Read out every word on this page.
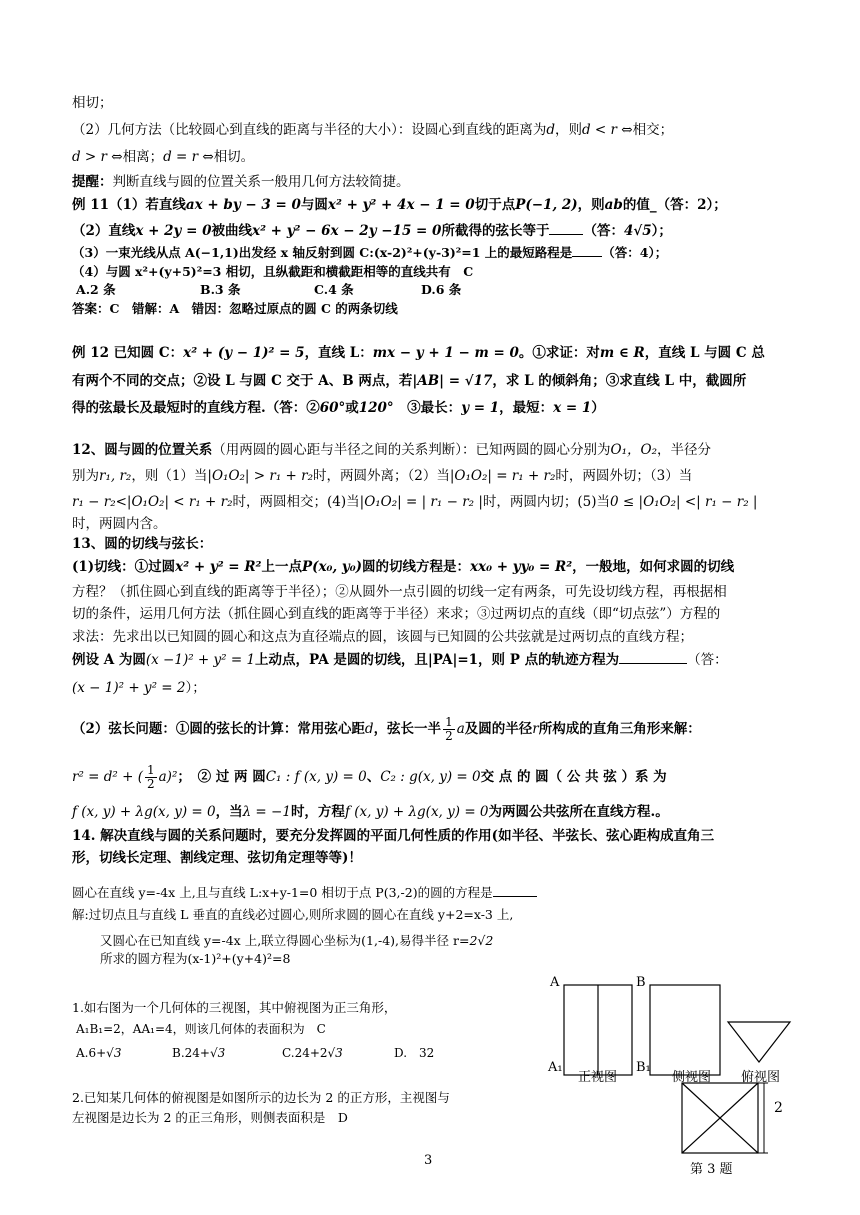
相切；
（2）几何方法（比较圆心到直线的距离与半径的大小）：设圆心到直线的距离为d，则d < r ⇔相交；
d > r ⇔相离；d = r ⇔相切。
提醒：判断直线与圆的位置关系一般用几何方法较简捷。
例 11（1）若直线ax + by − 3 = 0与圆x² + y² + 4x − 1 = 0切于点P(−1, 2)，则ab的值_（答：2）；
（2）直线x + 2y = 0被曲线x² + y² − 6x − 2y −15 = 0所截得的弦长等于	（答：4√5）；
（3）一束光线从点 A(−1,1)出发经 x 轴反射到圆 C:(x-2)²+(y-3)²=1 上的最短路程是 （答：4）；
（4）与圆 x²+(y+5)²=3 相切，且纵截距和横截距相等的直线共有　C
A.2 条	B.3 条	C.4 条	D.6 条
答案：C　错解：A　错因：忽略过原点的圆 C 的两条切线
例 12 已知圆 C：x² + (y − 1)² = 5，直线 L：mx − y + 1 − m = 0。①求证：对m ∈ R，直线 L 与圆 C 总
有两个不同的交点；②设 L 与圆 C 交于 A、B 两点，若|AB| = √17，求 L 的倾斜角；③求直线 L 中，截圆所
得的弦最长及最短时的直线方程.（答：②60°或120°　③最长：y = 1，最短：x = 1）
12、圆与圆的位置关系（用两圆的圆心距与半径之间的关系判断）：已知两圆的圆心分别为O₁，O₂，半径分
别为r₁, r₂，则（1）当|O₁O₂| > r₁ + r₂时，两圆外离；（2）当|O₁O₂| = r₁ + r₂时，两圆外切；（3）当
r₁ − r₂<|O₁O₂| < r₁ + r₂时，两圆相交；(4)当|O₁O₂| = | r₁ − r₂ |时，两圆内切；(5)当0 ≤ |O₁O₂| <| r₁ − r₂ |
时，两圆内含。
13、圆的切线与弦长：
(1)切线：①过圆x² + y² = R²上一点P(x₀, y₀)圆的切线方程是：xx₀ + yy₀ = R²，一般地，如何求圆的切线
方程？（抓住圆心到直线的距离等于半径）；②从圆外一点引圆的切线一定有两条，可先设切线方程，再根据相
切的条件，运用几何方法（抓住圆心到直线的距离等于半径）来求；③过两切点的直线（即“切点弦”）方程的
求法：先求出以已知圆的圆心和这点为直径端点的圆，该圆与已知圆的公共弦就是过两切点的直线方程；
例设 A 为圆(x −1)² + y² = 1上动点，PA 是圆的切线，且|PA|=1，则 P 点的轨迹方程为	（答：
(x − 1)² + y² = 2）；
（2）弦长问题：①圆的弦长的计算：常用弦心距d，弦长一半 $\frac{1}{2}$ a及圆的半径r所构成的直角三角形来解：
r² = d² + ( $\frac{1}{2} a)^2$；　② 过 两 圆C₁ : f (x, y) = 0、C₂ : g(x, y) = 0交 点 的 圆（ 公 共 弦 ）系 为
f (x, y) + λg(x, y) = 0，当λ = −1时，方程f (x, y) + λg(x, y) = 0为两圆公共弦所在直线方程.。
14. 解决直线与圆的关系问题时，要充分发挥圆的平面几何性质的作用(如半径、半弦长、弦心距构成直角三
形，切线长定理、割线定理、弦切角定理等等)！
圆心在直线 y=-4x 上,且与直线 L:x+y-1=0 相切于点 P(3,-2)的圆的方程是
解:过切点且与直线 L 垂直的直线必过圆心,则所求圆的圆心在直线 y+2=x-3 上,
又圆心在已知直线 y=-4x 上,联立得圆心坐标为(1,-4),易得半径 r=2√2
所求的圆方程为(x-1)²+(y+4)²=8
1.如右图为一个几何体的三视图，其中俯视图为正三角形，
A₁B₁=2，AA₁=4，则该几何体的表面积为　C
A.6+√3	B.24+√3	C.24+2√3	D.　32
2.已知某几何体的俯视图是如图所示的边长为 2 的正方形，主视图与
左视图是边长为 2 的正三角形，则侧表面积是　D
A	B
A₁	B₁
正视图	侧视图 俯视图
2
第 3 题
3
